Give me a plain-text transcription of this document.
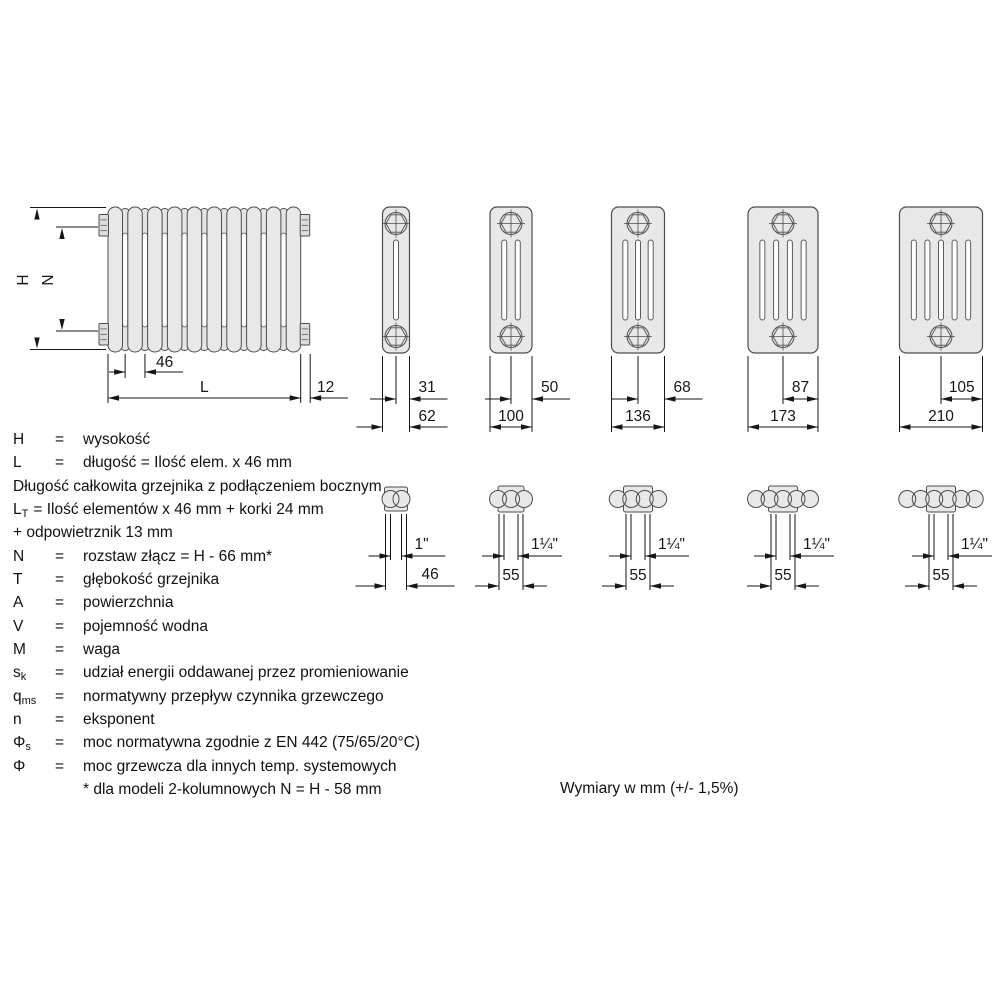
H N
46
L	12	31
62
50
100
68
136
87
173
105
210
1"
46
1¼"
55
1¼"
55
1¼"
55
1¼"
55
H	=	wysokość
L	=	długość = Ilość elem. x 46 mm
Długość całkowita grzejnika z podłączeniem bocznym
LT = Ilość elementów x 46 mm + korki 24 mm
+ odpowietrznik 13 mm
N	=	rozstaw złącz = H - 66 mm*
T	=	głębokość grzejnika
A	=	powierzchnia
V	=	pojemność wodna
M	=	waga
sk	=	udział energii oddawanej przez promieniowanie
qms	=	normatywny przepływ czynnika grzewczego
n	=	eksponent
Φs	=	moc normatywna zgodnie z EN 442 (75/65/20°C)
Φ	=	moc grzewcza dla innych temp. systemowych
* dla modeli 2-kolumnowych N = H - 58 mm	Wymiary w mm (+/- 1,5%)
